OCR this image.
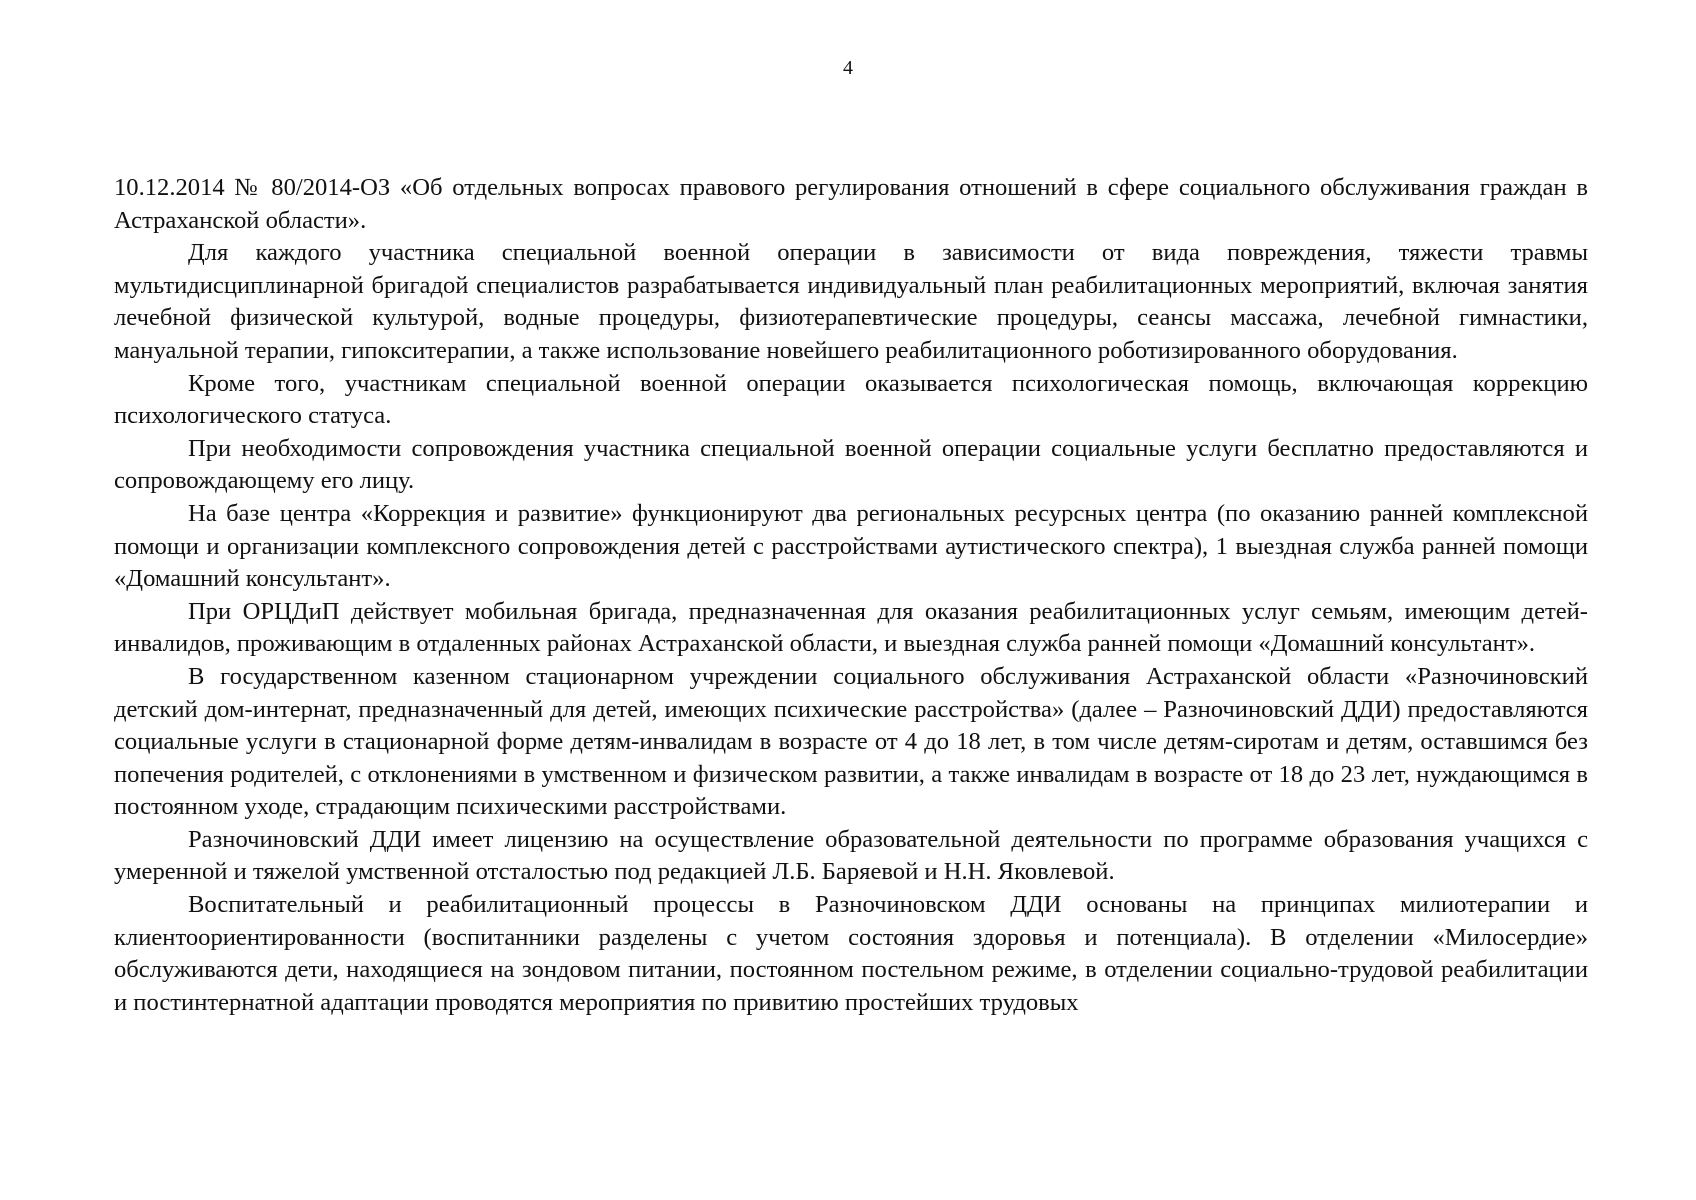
4

10.12.2014 № 80/2014-ОЗ «Об отдельных вопросах правового регулирования отношений в сфере социального обслуживания граждан в Астраханской области».

Для каждого участника специальной военной операции в зависимости от вида повреждения, тяжести травмы мультидисциплинарной бригадой специалистов разрабатывается индивидуальный план реабилитационных мероприятий, включая занятия лечебной физической культурой, водные процедуры, физиотерапевтические процедуры, сеансы массажа, лечебной гимнастики, мануальной терапии, гипокситерапии, а также использование новейшего реабилитационного роботизированного оборудования.

Кроме того, участникам специальной военной операции оказывается психологическая помощь, включающая коррекцию психологического статуса.

При необходимости сопровождения участника специальной военной операции социальные услуги бесплатно предоставляются и сопровождающему его лицу.

На базе центра «Коррекция и развитие» функционируют два региональных ресурсных центра (по оказанию ранней комплексной помощи и организации комплексного сопровождения детей с расстройствами аутистического спектра), 1 выездная служба ранней помощи «Домашний консультант».

При ОРЦДиП действует мобильная бригада, предназначенная для оказания реабилитационных услуг семьям, имеющим детей-инвалидов, проживающим в отдаленных районах Астраханской области, и выездная служба ранней помощи «Домашний консультант».

В государственном казенном стационарном учреждении социального обслуживания Астраханской области «Разночиновский детский дом-интернат, предназначенный для детей, имеющих психические расстройства» (далее – Разночиновский ДДИ) предоставляются социальные услуги в стационарной форме детям-инвалидам в возрасте от 4 до 18 лет, в том числе детям-сиротам и детям, оставшимся без попечения родителей, с отклонениями в умственном и физическом развитии, а также инвалидам в возрасте от 18 до 23 лет, нуждающимся в постоянном уходе, страдающим психическими расстройствами.

Разночиновский ДДИ имеет лицензию на осуществление образовательной деятельности по программе образования учащихся с умеренной и тяжелой умственной отсталостью под редакцией Л.Б. Баряевой и Н.Н. Яковлевой.

Воспитательный и реабилитационный процессы в Разночиновском ДДИ основаны на принципах милиотерапии и клиентоориентированности (воспитанники разделены с учетом состояния здоровья и потенциала). В отделении «Милосердие» обслуживаются дети, находящиеся на зондовом питании, постоянном постельном режиме, в отделении социально-трудовой реабилитации и постинтернатной адаптации проводятся мероприятия по привитию простейших трудовых
